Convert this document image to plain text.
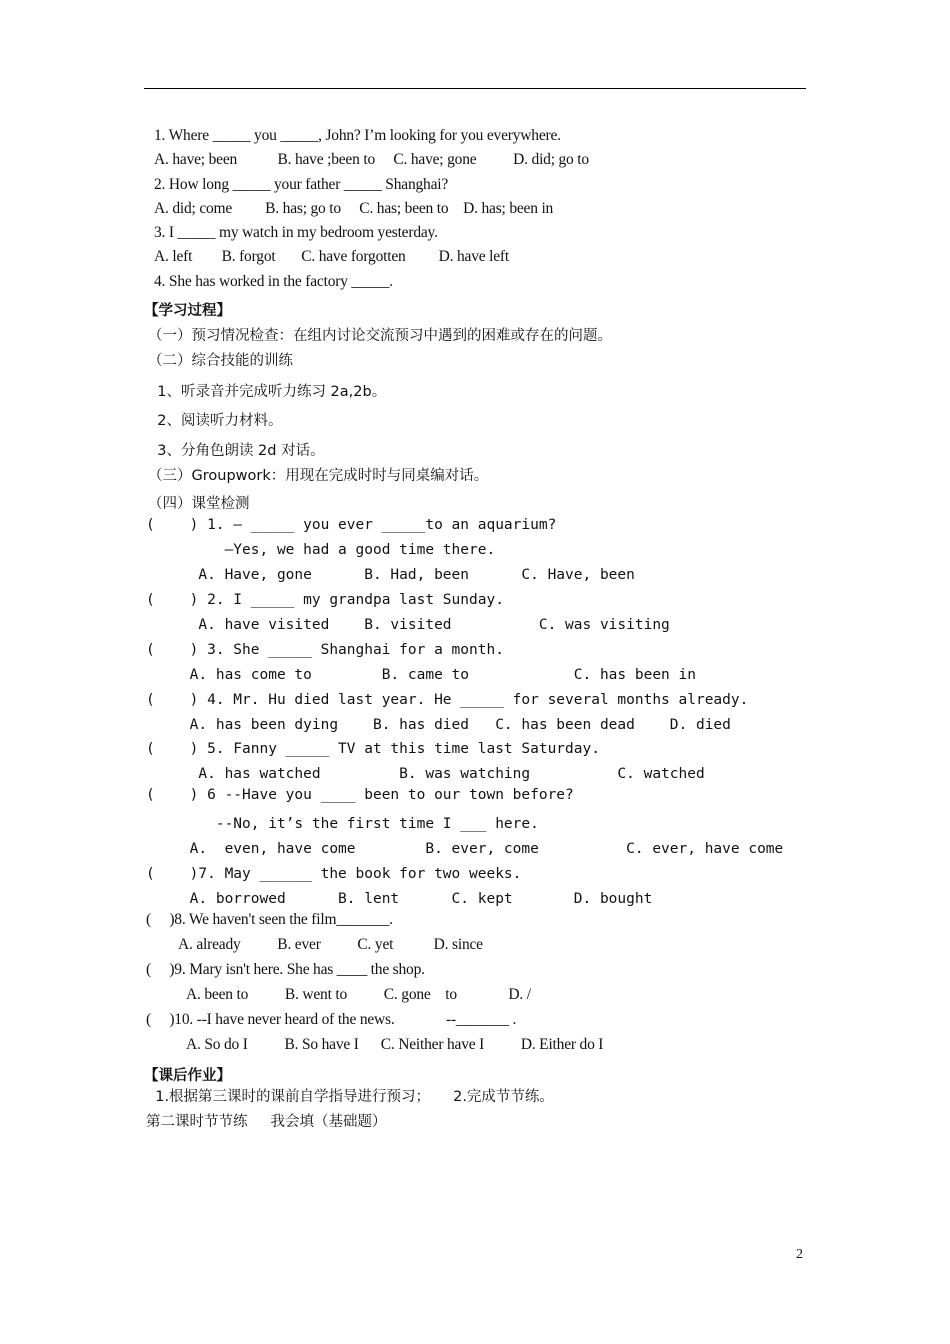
1. Where _____ you _____, John? I’m looking for you everywhere.
A. have; been           B. have ;been to     C. have; gone          D. did; go to
2. How long _____ your father _____ Shanghai?
A. did; come         B. has; go to     C. has; been to    D. has; been in
3. I _____ my watch in my bedroom yesterday.
A. left        B. forgot       C. have forgotten         D. have left
4. She has worked in the factory _____.
【学习过程】
（一）预习情况检查：在组内讨论交流预习中遇到的困难或存在的问题。
（二）综合技能的训练
1、听录音并完成听力练习 2a,2b。
2、阅读听力材料。
3、分角色朗读 2d 对话。
（三）Groupwork：用现在完成时时与同桌编对话。
（四）课堂检测
(    ) 1. — _____ you ever _____to an aquarium?
—Yes, we had a good time there.
A. Have, gone      B. Had, been      C. Have, been
(    ) 2. I _____ my grandpa last Sunday.
A. have visited    B. visited          C. was visiting
(    ) 3. She _____ Shanghai for a month.
A. has come to        B. came to            C. has been in
(    ) 4. Mr. Hu died last year. He _____ for several months already.
A. has been dying    B. has died   C. has been dead    D. died
(    ) 5. Fanny _____ TV at this time last Saturday.
A. has watched         B. was watching          C. watched
(    ) 6 --Have you ____ been to our town before?
--No, it’s the first time I ___ here.
A.  even, have come        B. ever, come          C. ever, have come
(    )7. May ______ the book for two weeks.
A. borrowed      B. lent      C. kept       D. bought
(     )8. We haven't seen the film_______.
A. already          B. ever          C. yet           D. since
(     )9. Mary isn't here. She has ____ the shop.
A. been to          B. went to          C. gone    to              D. /
(     )10. --I have never heard of the news.              --_______ .
A. So do I          B. So have I      C. Neither have I          D. Either do I
【课后作业】
1.根据第三课时的课前自学指导进行预习；     2.完成节节练。
第二课时节节练     我会填（基础题）
2
